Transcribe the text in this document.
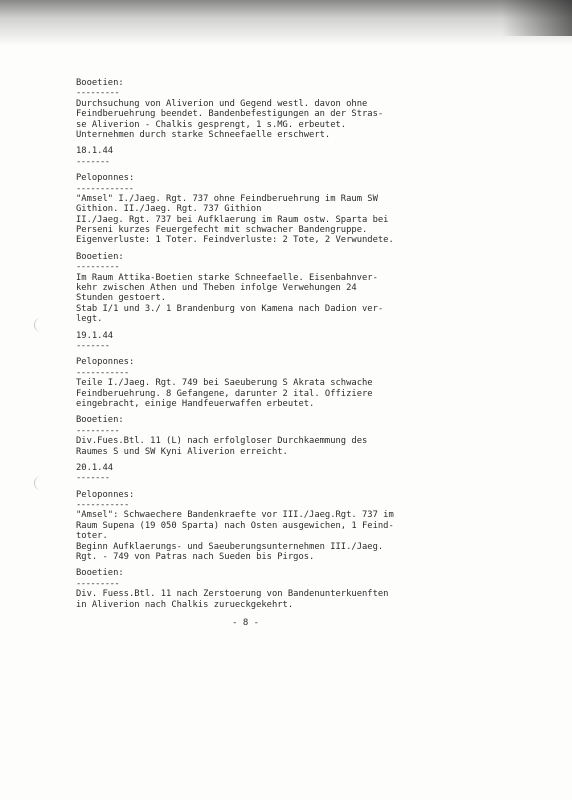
Booetien:
---------
Durchsuchung von Aliverion und Gegend westl. davon ohne
Feindberuehrung beendet. Bandenbefestigungen an der Stras-
se Aliverion - Chalkis gesprengt, 1 s.MG. erbeutet.
Unternehmen durch starke Schneefaelle erschwert.
18.1.44
-------
Peloponnes:
------------
"Amsel" I./Jaeg. Rgt. 737 ohne Feindberuehrung im Raum SW
Githion. II./Jaeg. Rgt. 737 Githion
II./Jaeg. Rgt. 737 bei Aufklaerung im Raum ostw. Sparta bei
Perseni kurzes Feuergefecht mit schwacher Bandengruppe.
Eigenverluste: 1 Toter. Feindverluste: 2 Tote, 2 Verwundete.
Booetien:
---------
Im Raum Attika-Boetien starke Schneefaelle. Eisenbahnver-
kehr zwischen Athen und Theben infolge Verwehungen 24
Stunden gestoert.
Stab I/1 und 3./ 1 Brandenburg von Kamena nach Dadion ver-
legt.
19.1.44
-------
Peloponnes:
-----------
Teile I./Jaeg. Rgt. 749 bei Saeuberung S Akrata schwache
Feindberuehrung. 8 Gefangene, darunter 2 ital. Offiziere
eingebracht, einige Handfeuerwaffen erbeutet.
Booetien:
---------
Div.Fues.Btl. 11 (L) nach erfolgloser Durchkaemmung des
Raumes S und SW Kyni Aliverion erreicht.
20.1.44
-------
Peloponnes:
-----------
"Amsel": Schwaechere Bandenkraefte vor III./Jaeg.Rgt. 737 im
Raum Supena (19 050 Sparta) nach Osten ausgewichen, 1 Feind-
toter.
Beginn Aufklaerungs- und Saeuberungsunternehmen III./Jaeg.
Rgt. - 749 von Patras nach Sueden bis Pirgos.
Booetien:
---------
Div. Fuess.Btl. 11 nach Zerstoerung von Bandenunterkuenften
in Aliverion nach Chalkis zurueckgekehrt.
- 8 -
